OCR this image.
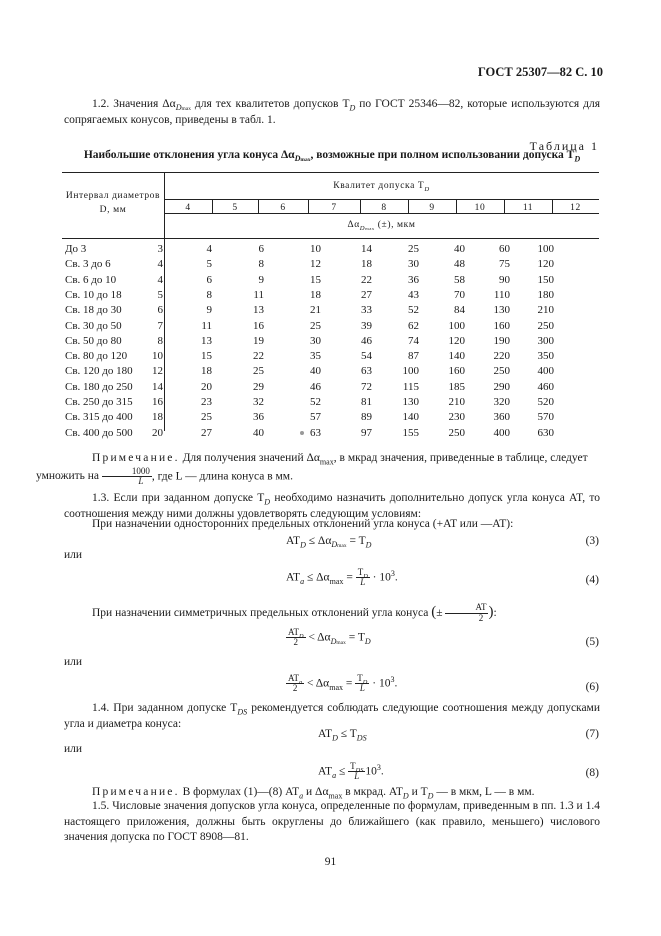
ГОСТ 25307—82 С. 10
1.2. Значения $\Delta\alpha_{Dmax}$ для тех квалитетов допусков $T_D$ по ГОСТ 25346—82, которые используются для сопрягаемых конусов, приведены в табл. 1.
Таблица 1
Наибольшие отклонения угла конуса $\Delta\alpha_{Dmax}$, возможные при полном использовании допуска $T_D$
Интервал диаметров D, мм
Квалитет допуска $T_D$
4	5	6	7	8	9	10	11	12
$\Delta\alpha_{Dmax}$ (±), мкм
До 3	3	4	6	10	14	25	40	60	100
Св. 3 до 6	4	5	8	12	18	30	48	75	120
Св. 6 до 10	4	6	9	15	22	36	58	90	150
Св. 10 до 18	5	8	11	18	27	43	70	110	180
Св. 18 до 30	6	9	13	21	33	52	84	130	210
Св. 30 до 50	7	11	16	25	39	62	100	160	250
Св. 50 до 80	8	13	19	30	46	74	120	190	300
Св. 80 до 120 10	15	22	35	54	87	140	220	350
Св. 120 до 180 12	18	25	40	63	100	160	250	400
Св. 180 до 250 14	20	29	46	72	115	185	290	460
Св. 250 до 315 16	23	32	52	81	130	210	320	520
Св. 315 до 400 18	25	36	57	89	140	230	360	570
Св. 400 до 500 20	27	40	63	97	155	250	400	630
Примечание. Для получения значений $\Delta\alpha_{max}$, в мкрад значения, приведенные в таблице, следует
умножить на $\frac{1000}{L}$ , где L — длина конуса в мм.
1.3. Если при заданном допуске $T_D$ необходимо назначить дополнительно допуск угла конуса AT, то соотношения между ними должны удовлетворять следующим условиям:
При назначении односторонних предельных отклонений угла конуса (+AT или —AT):
$AT_D \le \Delta\alpha_{Dmax} = T_D$	(3)
или
$AT_a \le \Delta\alpha_{max} = \frac{T_D}{L} \cdot 10^3$.	(4)
При назначении симметричных предельных отклонений угла конуса (± $\frac{AT}{2}$ ):
$\frac{AT_D}{2} < \Delta\alpha_{Dmax} = T_D$	(5)
или
$\frac{AT_a}{2} < \Delta\alpha_{max} = \frac{T_D}{L} \cdot 10^3$.	(6)
1.4. При заданном допуске $T_{DS}$ рекомендуется соблюдать следующие соотношения между допусками угла и диаметра конуса:
$AT_D \le T_{DS}$	(7)
или
$AT_a \le \frac{T_{DS}}{L} 10^3$.	(8)
Примечание. В формулах (1)—(8) $AT_a$ и $\Delta\alpha_{max}$ в мкрад. $AT_D$ и $T_D$ — в мкм, L — в мм.
1.5. Числовые значения допусков угла конуса, определенные по формулам, приведенным в пп. 1.3 и 1.4 настоящего приложения, должны быть округлены до ближайшего (как правило, меньшего) числового значения допуска по ГОСТ 8908—81.
91
